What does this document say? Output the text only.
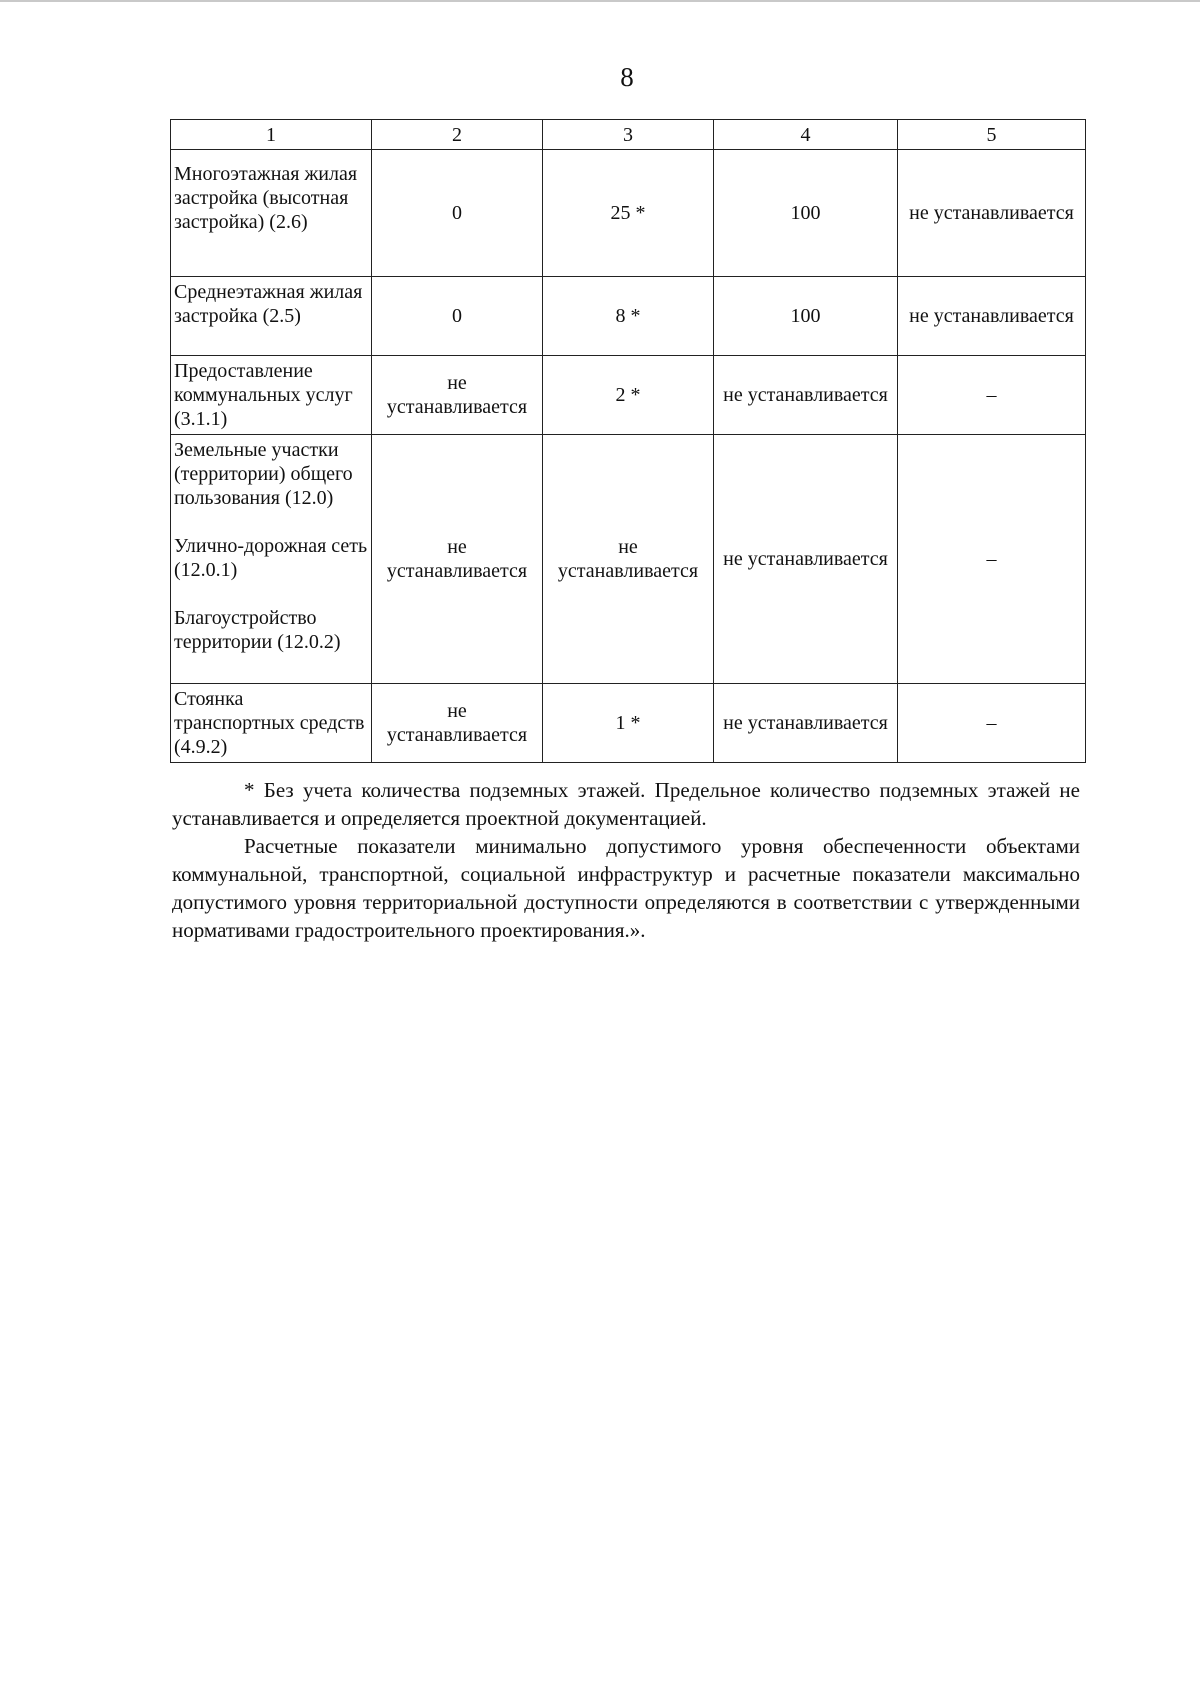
8
1	2	3	4	5

Многоэтажная жилая застройка (высотная застройка) (2.6)	0	25 *	100	не устанавливается

Среднеэтажная жилая застройка (2.5)	0	8 *	100	не устанавливается

Предоставление коммунальных услуг (3.1.1)	не устанавливается	2 *	не устанавливается	–

Земельные участки (территории) общего пользования (12.0)
Улично-дорожная сеть (12.0.1)
Благоустройство территории (12.0.2)	не устанавливается	не устанавливается	не устанавливается	–

Стоянка транспортных средств (4.9.2)	не устанавливается	1 *	не устанавливается	–

* Без учета количества подземных этажей. Предельное количество подземных этажей не устанавливается и определяется проектной документацией.

Расчетные показатели минимально допустимого уровня обеспеченности объектами коммунальной, транспортной, социальной инфраструктур и расчетные показатели максимально допустимого уровня территориальной доступности определяются в соответствии с утвержденными нормативами градостроительного проектирования.».
